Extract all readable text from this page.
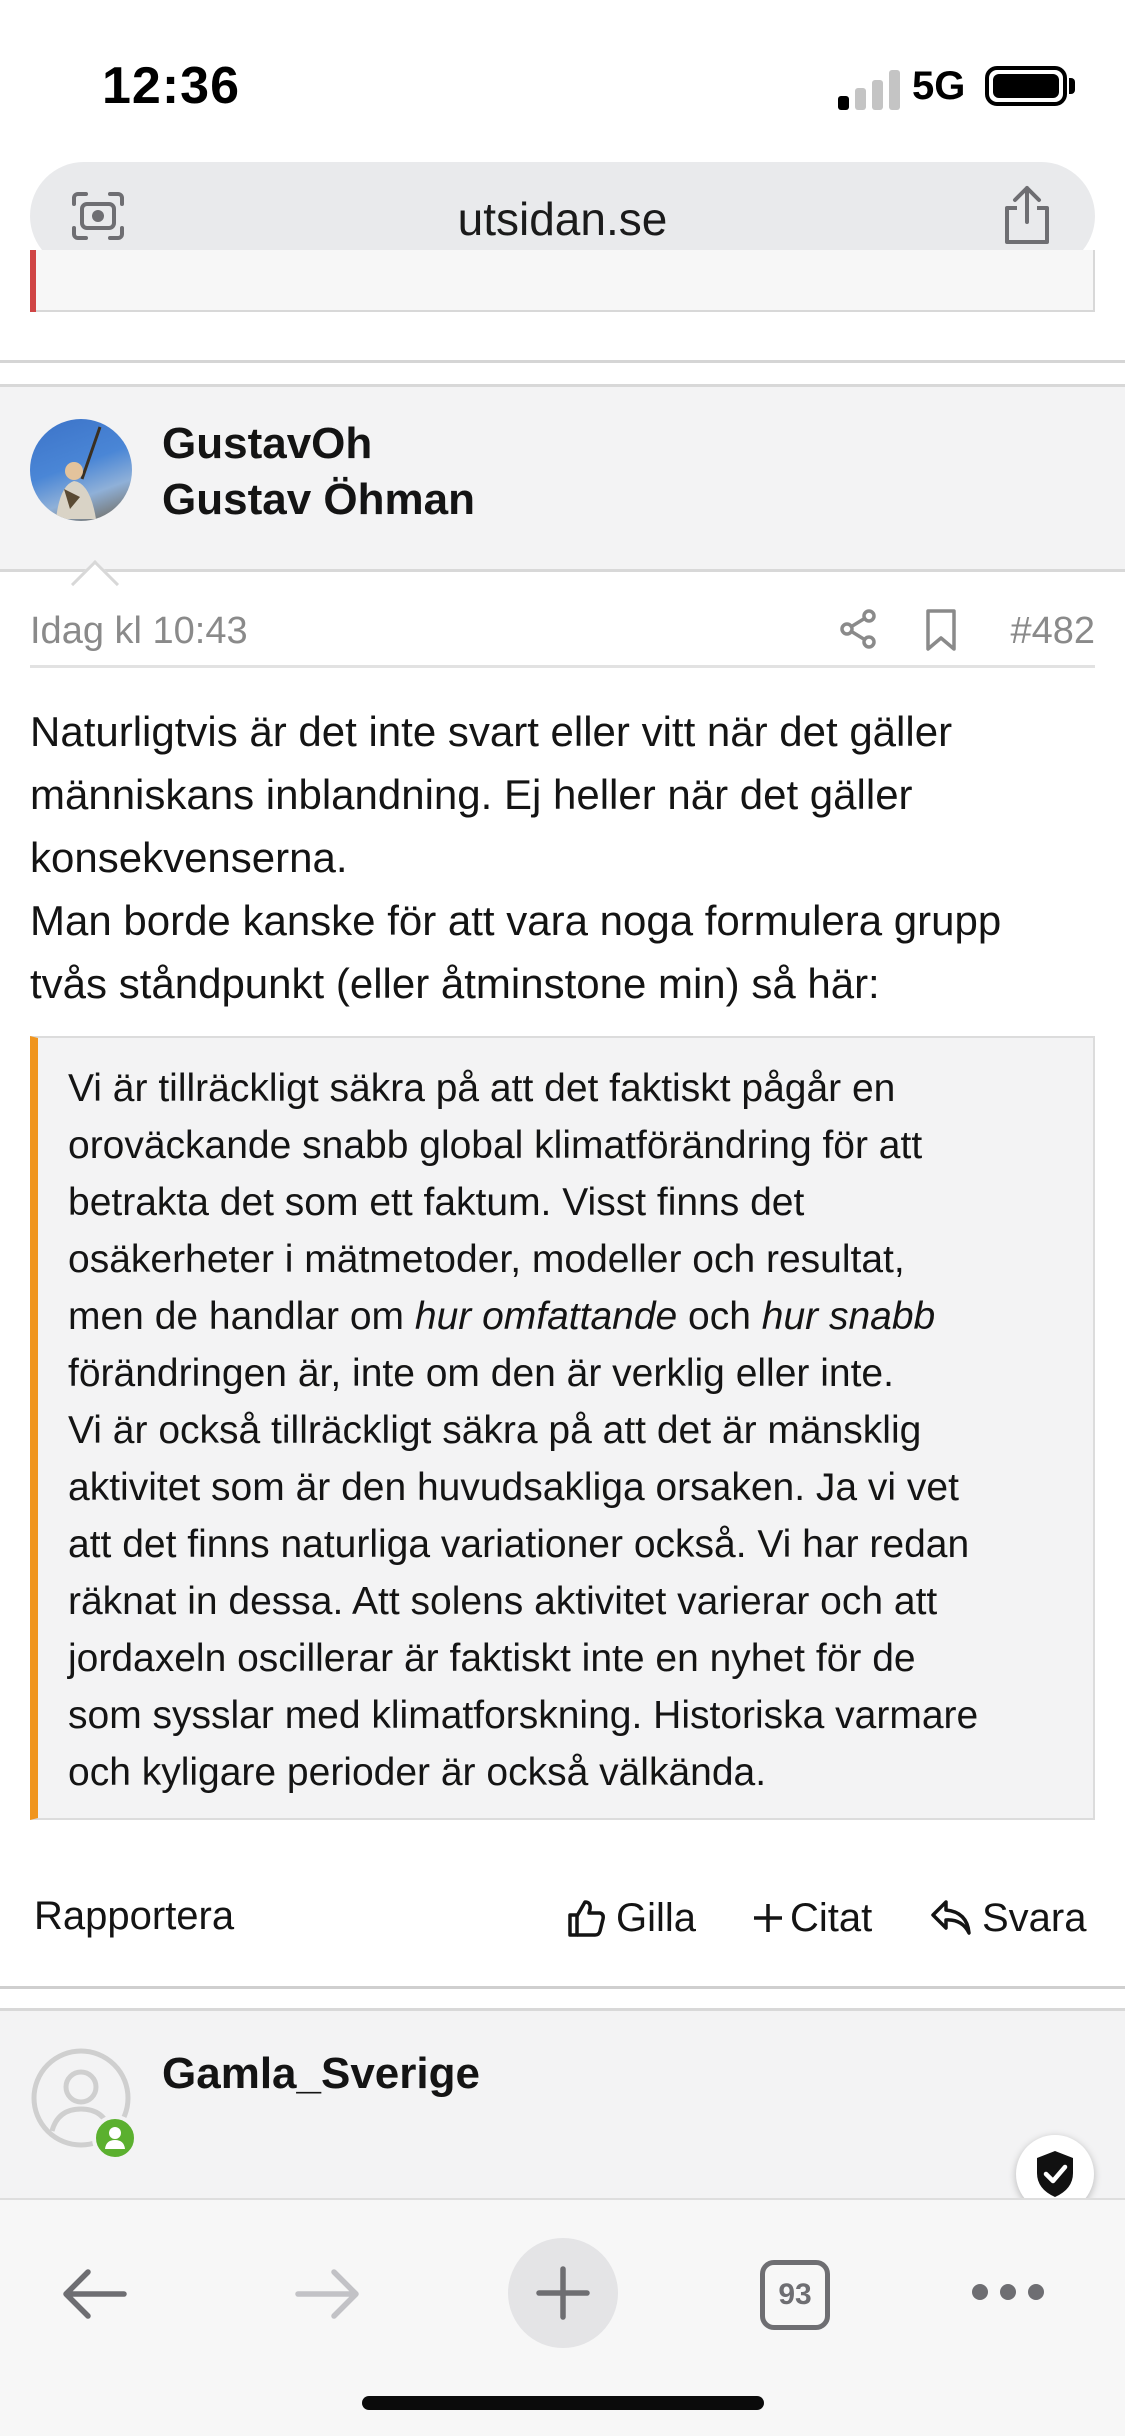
12:36	5G
utsidan.se
GustavOh
Gustav Öhman
Idag kl 10:43	#482

Naturligtvis är det inte svart eller vitt när det gäller

människans inblandning. Ej heller när det gäller

konsekvenserna.

Man borde kanske för att vara noga formulera grupp

tvås ståndpunkt (eller åtminstone min) så här:

Vi är tillräckligt säkra på att det faktiskt pågår en
oroväckande snabb global klimatförändring för att
betrakta det som ett faktum. Visst finns det
osäkerheter i mätmetoder, modeller och resultat,
men de handlar om hur omfattande och hur snabb
förändringen är, inte om den är verklig eller inte.
Vi är också tillräckligt säkra på att det är mänsklig
aktivitet som är den huvudsakliga orsaken. Ja vi vet
att det finns naturliga variationer också. Vi har redan
räknat in dessa. Att solens aktivitet varierar och att
jordaxeln oscillerar är faktiskt inte en nyhet för de
som sysslar med klimatforskning. Historiska varmare
och kyligare perioder är också välkända.
Rapportera	Gilla Citat	Svara
Gamla_Sverige
93
